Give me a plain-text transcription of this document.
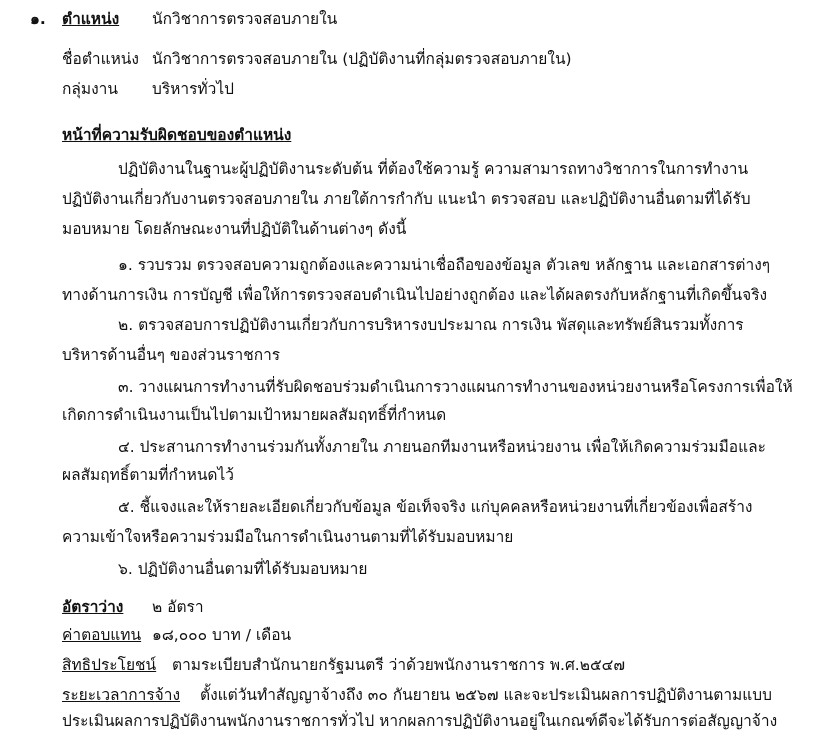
๑. ตำแหน่ง นักวิชาการตรวจสอบภายใน
ชื่อตำแหน่ง นักวิชาการตรวจสอบภายใน (ปฏิบัติงานที่กลุ่มตรวจสอบภายใน)
กลุ่มงาน บริหารทั่วไป
หน้าที่ความรับผิดชอบของตำแหน่ง
ปฏิบัติงานในฐานะผู้ปฏิบัติงานระดับต้น ที่ต้องใช้ความรู้ ความสามารถทางวิชาการในการทำงาน
ปฏิบัติงานเกี่ยวกับงานตรวจสอบภายใน ภายใต้การกำกับ แนะนำ ตรวจสอบ และปฏิบัติงานอื่นตามที่ได้รับ
มอบหมาย โดยลักษณะงานที่ปฏิบัติในด้านต่างๆ ดังนี้
๑. รวบรวม ตรวจสอบความถูกต้องและความน่าเชื่อถือของข้อมูล ตัวเลข หลักฐาน และเอกสารต่างๆ
ทางด้านการเงิน การบัญชี เพื่อให้การตรวจสอบดำเนินไปอย่างถูกต้อง และได้ผลตรงกับหลักฐานที่เกิดขึ้นจริง
๒. ตรวจสอบการปฏิบัติงานเกี่ยวกับการบริหารงบประมาณ การเงิน พัสดุและทรัพย์สินรวมทั้งการ
บริหารด้านอื่นๆ ของส่วนราชการ
๓. วางแผนการทำงานที่รับผิดชอบร่วมดำเนินการวางแผนการทำงานของหน่วยงานหรือโครงการเพื่อให้
เกิดการดำเนินงานเป็นไปตามเป้าหมายผลสัมฤทธิ์ที่กำหนด
๔. ประสานการทำงานร่วมกันทั้งภายใน ภายนอกทีมงานหรือหน่วยงาน เพื่อให้เกิดความร่วมมือและ
ผลสัมฤทธิ์ตามที่กำหนดไว้
๕. ชี้แจงและให้รายละเอียดเกี่ยวกับข้อมูล ข้อเท็จจริง แก่บุคคลหรือหน่วยงานที่เกี่ยวข้องเพื่อสร้าง
ความเข้าใจหรือความร่วมมือในการดำเนินงานตามที่ได้รับมอบหมาย
๖. ปฏิบัติงานอื่นตามที่ได้รับมอบหมาย
อัตราว่าง ๒ อัตรา
ค่าตอบแทน ๑๘,๐๐๐ บาท / เดือน
สิทธิประโยชน์ ตามระเบียบสำนักนายกรัฐมนตรี ว่าด้วยพนักงานราชการ พ.ศ.๒๕๔๗
ระยะเวลาการจ้าง ตั้งแต่วันทำสัญญาจ้างถึง ๓๐ กันยายน ๒๕๖๗ และจะประเมินผลการปฏิบัติงานตามแบบ
ประเมินผลการปฏิบัติงานพนักงานราชการทั่วไป หากผลการปฏิบัติงานอยู่ในเกณฑ์ดีจะได้รับการต่อสัญญาจ้าง
